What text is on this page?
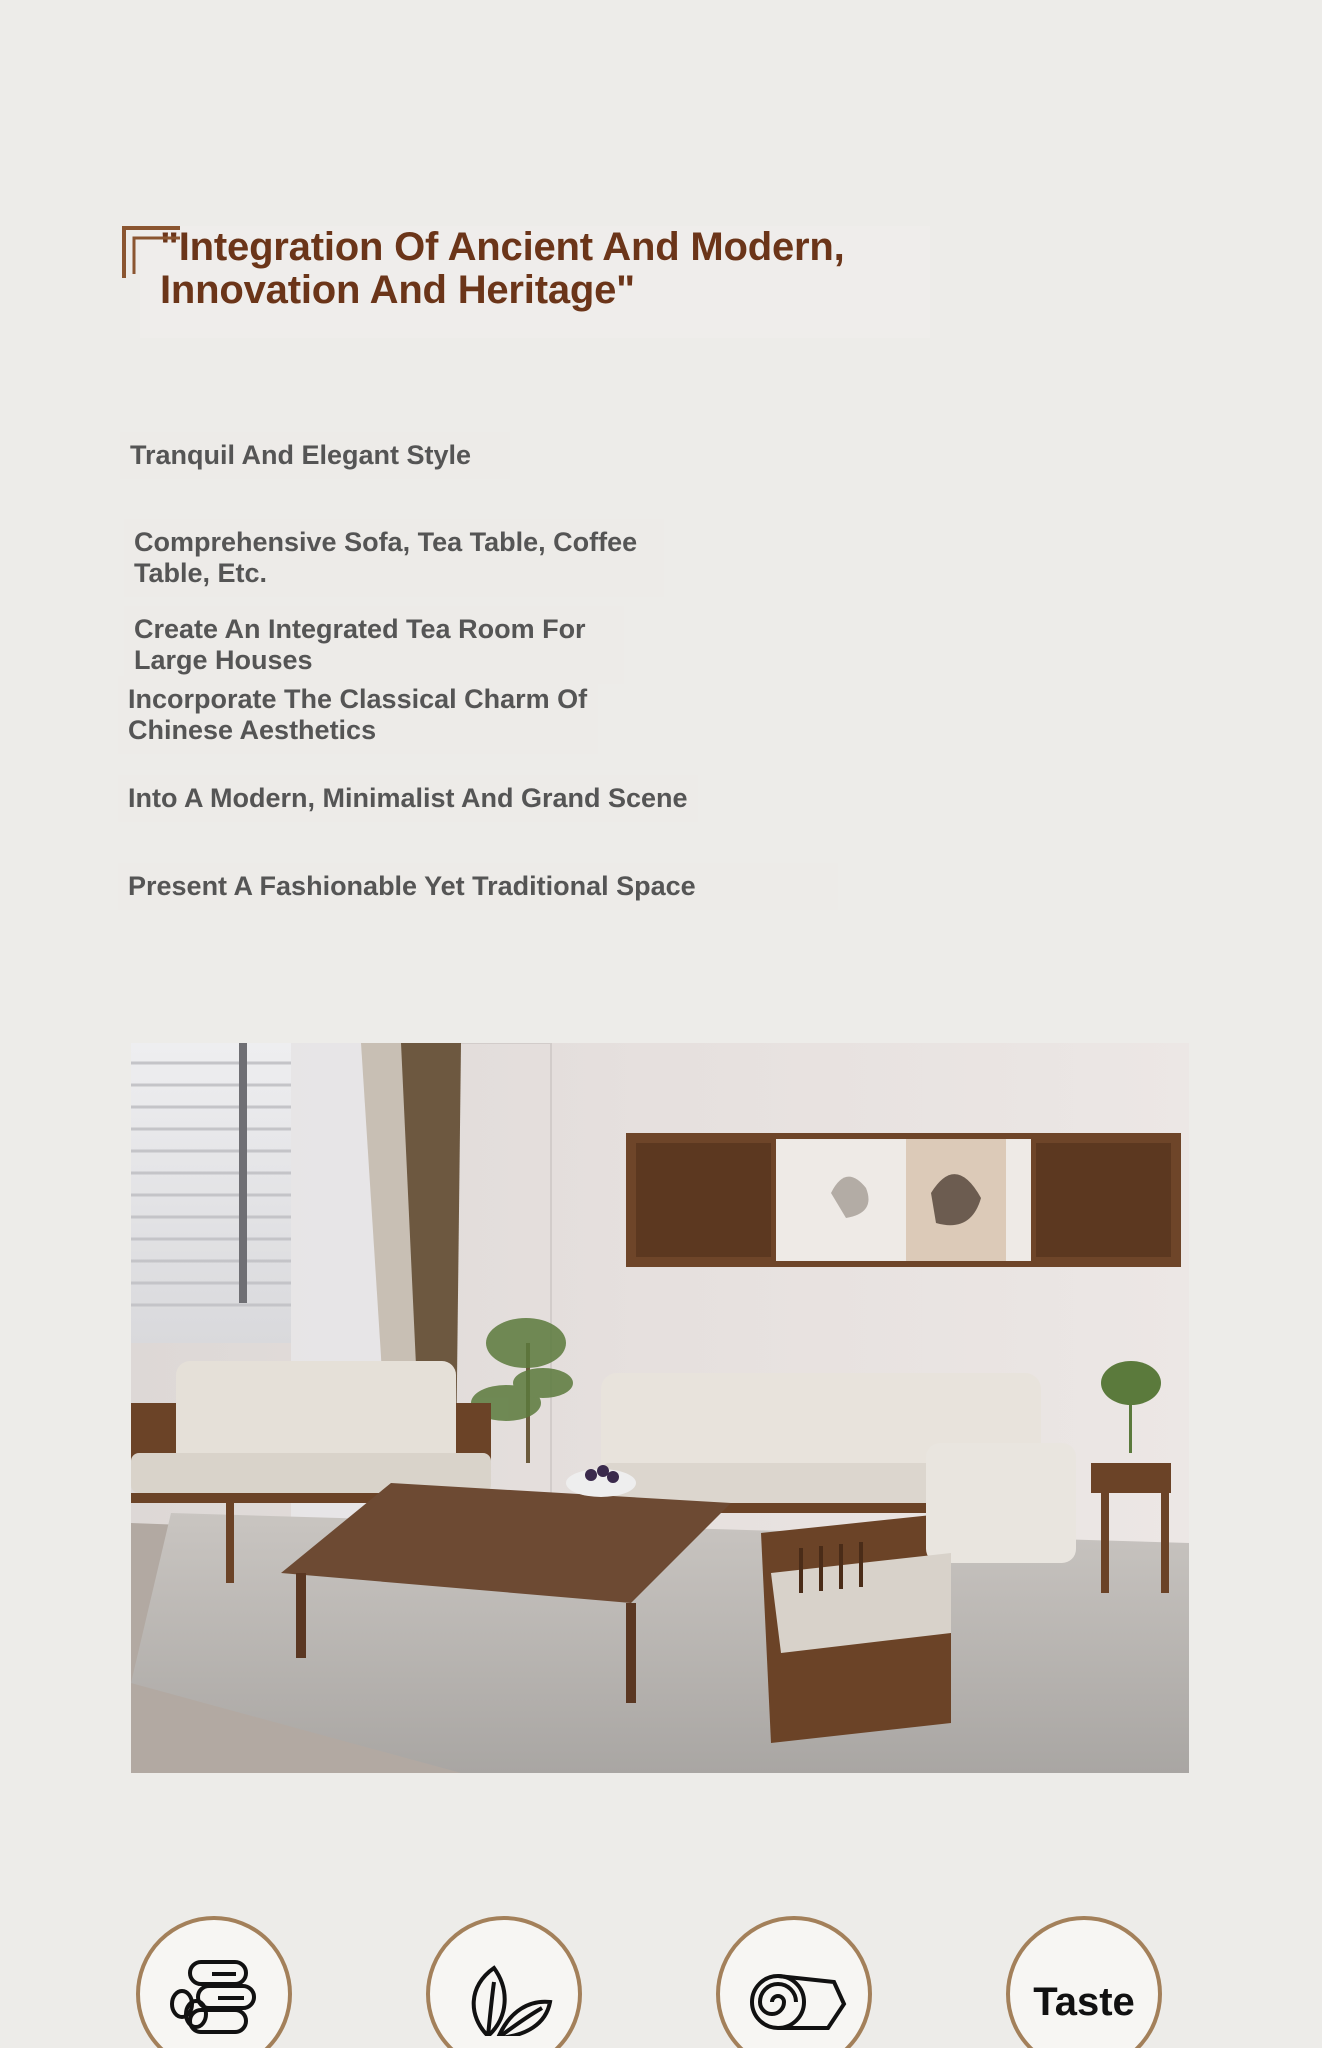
"Integration Of Ancient And Modern,
Innovation And Heritage"
Tranquil And Elegant Style
Comprehensive Sofa, Tea Table, Coffee Table, Etc.
Create An Integrated Tea Room For Large Houses
Incorporate The Classical Charm Of
Chinese Aesthetics
Into A Modern, Minimalist And Grand Scene
Present A Fashionable Yet Traditional Space
Taste
